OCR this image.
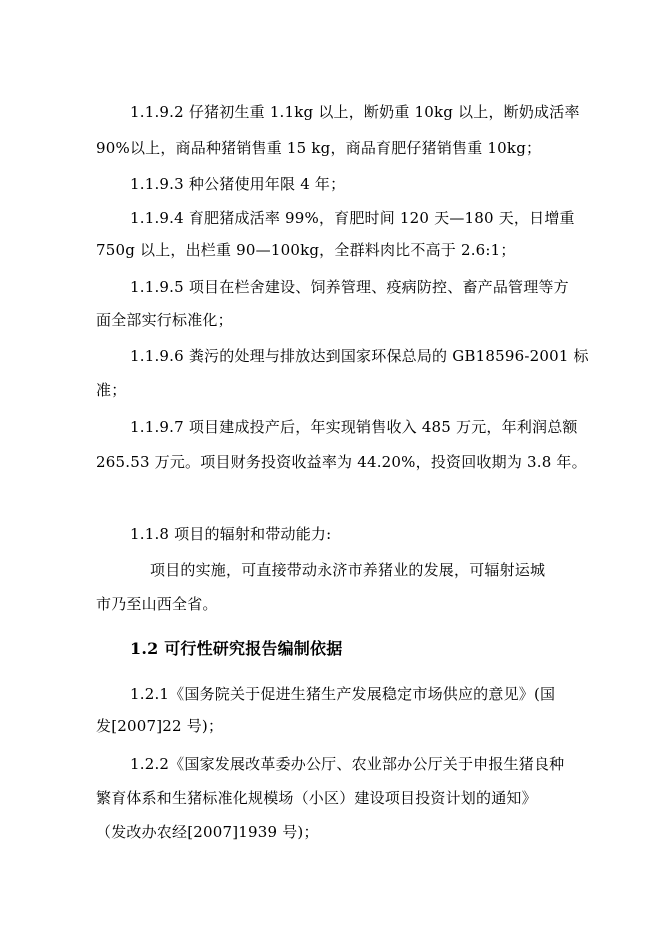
1.1.9.2 仔猪初生重 1.1kg 以上，断奶重 10kg 以上，断奶成活率
90%以上，商品种猪销售重 15 kg，商品育肥仔猪销售重 10kg；
1.1.9.3 种公猪使用年限 4 年；
1.1.9.4 育肥猪成活率 99%，育肥时间 120 天—180 天，日增重
750g 以上，出栏重 90—100kg，全群料肉比不高于 2.6:1；
1.1.9.5 项目在栏舍建设、饲养管理、疫病防控、畜产品管理等方
面全部实行标准化；
1.1.9.6 粪污的处理与排放达到国家环保总局的 GB18596-2001 标
准；
1.1.9.7 项目建成投产后，年实现销售收入 485 万元，年利润总额
265.53 万元。项目财务投资收益率为 44.20%，投资回收期为 3.8 年。
1.1.8 项目的辐射和带动能力:
项目的实施，可直接带动永济市养猪业的发展，可辐射运城
市乃至山西全省。
1.2 可行性研究报告编制依据
1.2.1《国务院关于促进生猪生产发展稳定市场供应的意见》(国
发[2007]22 号)；
1.2.2《国家发展改革委办公厅、农业部办公厅关于申报生猪良种
繁育体系和生猪标准化规模场（小区）建设项目投资计划的通知》
（发改办农经[2007]1939 号)；
